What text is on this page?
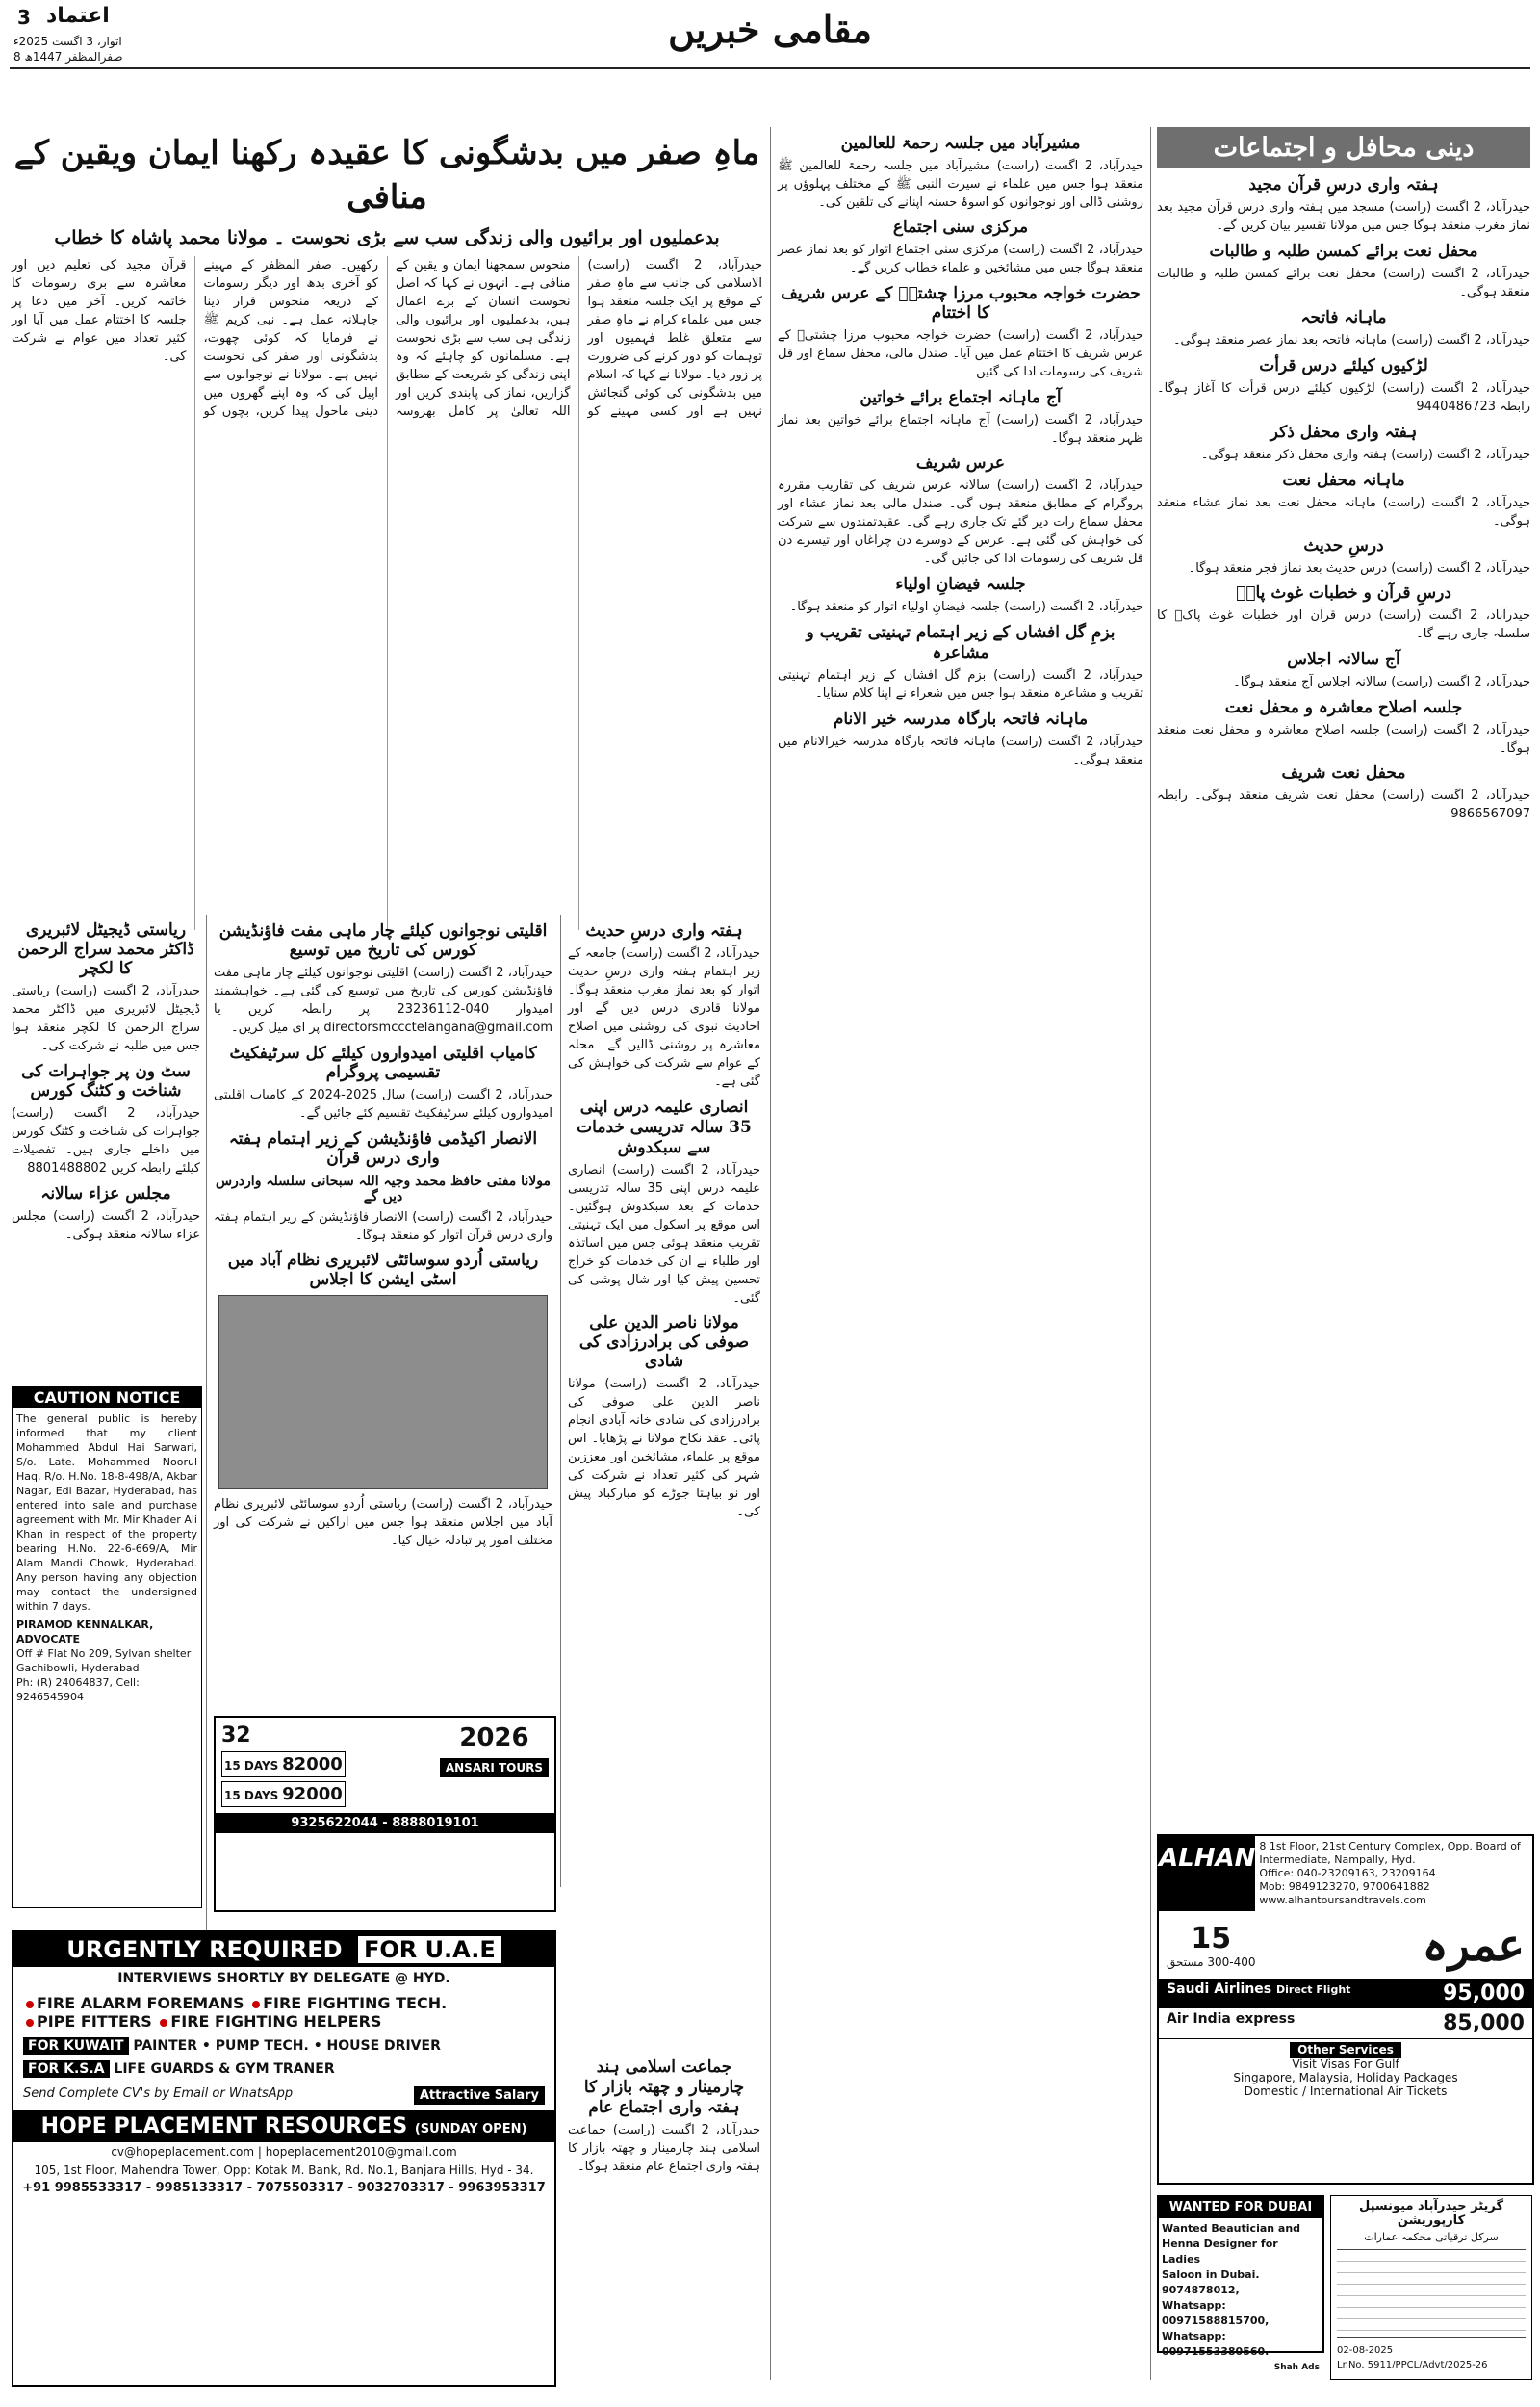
3 اعتماد
اتوار، 3 اگست 2025ء
8 صفرالمظفر 1447ھ
مقامی خبریں
دینی محافل و اجتماعات
ہفتہ واری درسِ قرآن مجید
حیدرآباد، 2 اگست (راست) مسجد میں ہفتہ واری درس قرآن مجید بعد نماز مغرب منعقد ہوگا جس میں مولانا تفسیر بیان کریں گے۔
محفل نعت برائے کمسن طلبہ و طالبات
حیدرآباد، 2 اگست (راست) محفل نعت برائے کمسن طلبہ و طالبات منعقد ہوگی۔
ماہانہ فاتحہ
حیدرآباد، 2 اگست (راست) ماہانہ فاتحہ بعد نماز عصر منعقد ہوگی۔
لڑکیوں کیلئے درس قرأت
حیدرآباد، 2 اگست (راست) لڑکیوں کیلئے درس قرأت کا آغاز ہوگا۔ رابطہ 9440486723
ہفتہ واری محفل ذکر
حیدرآباد، 2 اگست (راست) ہفتہ واری محفل ذکر منعقد ہوگی۔
ماہانہ محفل نعت
حیدرآباد، 2 اگست (راست) ماہانہ محفل نعت بعد نماز عشاء منعقد ہوگی۔
درسِ حدیث
حیدرآباد، 2 اگست (راست) درس حدیث بعد نماز فجر منعقد ہوگا۔
درسِ قرآن و خطبات غوث پاکؒ
حیدرآباد، 2 اگست (راست) درس قرآن اور خطبات غوث پاکؒ کا سلسلہ جاری رہے گا۔
آج سالانہ اجلاس
حیدرآباد، 2 اگست (راست) سالانہ اجلاس آج منعقد ہوگا۔
جلسہ اصلاح معاشرہ و محفل نعت
حیدرآباد، 2 اگست (راست) جلسہ اصلاح معاشرہ و محفل نعت منعقد ہوگا۔
محفل نعت شریف
حیدرآباد، 2 اگست (راست) محفل نعت شریف منعقد ہوگی۔ رابطہ 9866567097
مشیرآباد میں جلسہ رحمۃ للعالمین
حیدرآباد، 2 اگست (راست) مشیرآباد میں جلسہ رحمۃ للعالمین ﷺ منعقد ہوا جس میں علماء نے سیرت النبی ﷺ کے مختلف پہلوؤں پر روشنی ڈالی اور نوجوانوں کو اسوۂ حسنہ اپنانے کی تلقین کی۔
مرکزی سنی اجتماع
حیدرآباد، 2 اگست (راست) مرکزی سنی اجتماع اتوار کو بعد نماز عصر منعقد ہوگا جس میں مشائخین و علماء خطاب کریں گے۔
حضرت خواجہ محبوب مرزا چشتیؒ کے عرس شریف کا اختتام
حیدرآباد، 2 اگست (راست) حضرت خواجہ محبوب مرزا چشتیؒ کے عرس شریف کا اختتام عمل میں آیا۔ صندل مالی، محفل سماع اور قل شریف کی رسومات ادا کی گئیں۔
آج ماہانہ اجتماع برائے خواتین
حیدرآباد، 2 اگست (راست) آج ماہانہ اجتماع برائے خواتین بعد نماز ظہر منعقد ہوگا۔
عرس شریف
حیدرآباد، 2 اگست (راست) سالانہ عرس شریف کی تقاریب مقررہ پروگرام کے مطابق منعقد ہوں گی۔ صندل مالی بعد نماز عشاء اور محفل سماع رات دیر گئے تک جاری رہے گی۔ عقیدتمندوں سے شرکت کی خواہش کی گئی ہے۔ عرس کے دوسرے دن چراغاں اور تیسرے دن قل شریف کی رسومات ادا کی جائیں گی۔
جلسہ فیضانِ اولیاء
حیدرآباد، 2 اگست (راست) جلسہ فیضانِ اولیاء اتوار کو منعقد ہوگا۔
بزمِ گل افشاں کے زیر اہتمام تہنیتی تقریب و مشاعرہ
حیدرآباد، 2 اگست (راست) بزم گل افشاں کے زیر اہتمام تہنیتی تقریب و مشاعرہ منعقد ہوا جس میں شعراء نے اپنا کلام سنایا۔
ماہانہ فاتحہ بارگاہ مدرسہ خیر الانام
حیدرآباد، 2 اگست (راست) ماہانہ فاتحہ بارگاہ مدرسہ خیرالانام میں منعقد ہوگی۔
ماہِ صفر میں بدشگونی کا عقیدہ رکھنا ایمان ویقین کے منافی
بدعملیوں اور برائیوں والی زندگی سب سے بڑی نحوست ۔ مولانا محمد پاشاہ کا خطاب
حیدرآباد، 2 اگست (راست) الاسلامی کی جانب سے ماہِ صفر کے موقع پر ایک جلسہ منعقد ہوا جس میں علماء کرام نے ماہِ صفر سے متعلق غلط فہمیوں اور توہمات کو دور کرنے کی ضرورت پر زور دیا۔ مولانا نے کہا کہ اسلام میں بدشگونی کی کوئی گنجائش نہیں ہے اور کسی مہینے کو منحوس سمجھنا ایمان و یقین کے منافی ہے۔ انہوں نے کہا کہ اصل نحوست انسان کے برے اعمال ہیں، بدعملیوں اور برائیوں والی زندگی ہی سب سے بڑی نحوست ہے۔ مسلمانوں کو چاہئے کہ وہ اپنی زندگی کو شریعت کے مطابق گزاریں، نماز کی پابندی کریں اور اللہ تعالیٰ پر کامل بھروسہ رکھیں۔ صفر المظفر کے مہینے کو آخری بدھ اور دیگر رسومات کے ذریعہ منحوس قرار دینا جاہلانہ عمل ہے۔ نبی کریم ﷺ نے فرمایا کہ کوئی چھوت، بدشگونی اور صفر کی نحوست نہیں ہے۔ مولانا نے نوجوانوں سے اپیل کی کہ وہ اپنے گھروں میں دینی ماحول پیدا کریں، بچوں کو قرآن مجید کی تعلیم دیں اور معاشرہ سے بری رسومات کا خاتمہ کریں۔ آخر میں دعا پر جلسہ کا اختتام عمل میں آیا اور کثیر تعداد میں عوام نے شرکت کی۔
ہفتہ واری درسِ حدیث
حیدرآباد، 2 اگست (راست) جامعہ کے زیر اہتمام ہفتہ واری درسِ حدیث اتوار کو بعد نماز مغرب منعقد ہوگا۔ مولانا قادری درس دیں گے اور احادیث نبوی کی روشنی میں اصلاح معاشرہ پر روشنی ڈالیں گے۔ محلہ کے عوام سے شرکت کی خواہش کی گئی ہے۔
انصاری علیمہ درس اپنی 35 سالہ تدریسی خدمات سے سبکدوش
حیدرآباد، 2 اگست (راست) انصاری علیمہ درس اپنی 35 سالہ تدریسی خدمات کے بعد سبکدوش ہوگئیں۔ اس موقع پر اسکول میں ایک تہنیتی تقریب منعقد ہوئی جس میں اساتذہ اور طلباء نے ان کی خدمات کو خراج تحسین پیش کیا اور شال پوشی کی گئی۔
مولانا ناصر الدین علی صوفی کی برادرزادی کی شادی
حیدرآباد، 2 اگست (راست) مولانا ناصر الدین علی صوفی کی برادرزادی کی شادی خانہ آبادی انجام پائی۔ عقد نکاح مولانا نے پڑھایا۔ اس موقع پر علماء، مشائخین اور معززین شہر کی کثیر تعداد نے شرکت کی اور نو بیاہتا جوڑے کو مبارکباد پیش کی۔
اقلیتی نوجوانوں کیلئے چار ماہی مفت فاؤنڈیشن کورس کی تاریخ میں توسیع
حیدرآباد، 2 اگست (راست) اقلیتی نوجوانوں کیلئے چار ماہی مفت فاؤنڈیشن کورس کی تاریخ میں توسیع کی گئی ہے۔ خواہشمند امیدوار 040-23236112 پر رابطہ کریں یا directorsmccctelangana@gmail.com پر ای میل کریں۔
کامیاب اقلیتی امیدواروں کیلئے کل سرٹیفکیٹ تقسیمی پروگرام
حیدرآباد، 2 اگست (راست) سال 2025-2024 کے کامیاب اقلیتی امیدواروں کیلئے سرٹیفکیٹ تقسیم کئے جائیں گے۔
الانصار اکیڈمی فاؤنڈیشن کے زیر اہتمام ہفتہ واری درس قرآن
مولانا مفتی حافظ محمد وجیہ اللہ سبحانی سلسلہ واردرس دیں گے
حیدرآباد، 2 اگست (راست) الانصار فاؤنڈیشن کے زیر اہتمام ہفتہ واری درس قرآن اتوار کو منعقد ہوگا۔
ریاستی اُردو سوسائٹی لائبریری نظام آباد میں اسٹی ایشن کا اجلاس
حیدرآباد، 2 اگست (راست) ریاستی اُردو سوسائٹی لائبریری نظام آباد میں اجلاس منعقد ہوا جس میں اراکین نے شرکت کی اور مختلف امور پر تبادلہ خیال کیا۔
ریاستی ڈیجیٹل لائبریری ڈاکٹر محمد سراج الرحمن کا لکچر
حیدرآباد، 2 اگست (راست) ریاستی ڈیجیٹل لائبریری میں ڈاکٹر محمد سراج الرحمن کا لکچر منعقد ہوا جس میں طلبہ نے شرکت کی۔
سٹ ون پر جواہرات کی شناخت و کٹنگ کورس
حیدرآباد، 2 اگست (راست) جواہرات کی شناخت و کٹنگ کورس میں داخلے جاری ہیں۔ تفصیلات کیلئے رابطہ کریں 8801488802
مجلس عزاء سالانہ
حیدرآباد، 2 اگست (راست) مجلس عزاء سالانہ منعقد ہوگی۔
CAUTION NOTICE
The general public is hereby informed that my client Mohammed Abdul Hai Sarwari, S/o. Late. Mohammed Noorul Haq, R/o. H.No. 18-8-498/A, Akbar Nagar, Edi Bazar, Hyderabad, has entered into sale and purchase agreement with Mr. Mir Khader Ali Khan in respect of the property bearing H.No. 22-6-669/A, Mir Alam Mandi Chowk, Hyderabad. Any person having any objection may contact the undersigned within 7 days.
PIRAMOD KENNALKAR, ADVOCATE
Off # Flat No 209, Sylvan shelter Gachibowli, Hyderabad
Ph: (R) 24064837, Cell: 9246545904
32
15 DAYS 82000
15 DAYS 92000
2026
ANSARI TOURS
9325622044 - 8888019101
URGENTLY REQUIRED FOR U.A.E
INTERVIEWS SHORTLY BY DELEGATE @ HYD.
FIRE ALARM FOREMANS FIRE FIGHTING TECH.
PIPE FITTERS FIRE FIGHTING HELPERS
FOR KUWAIT PAINTER • PUMP TECH. • HOUSE DRIVER
FOR K.S.A LIFE GUARDS & GYM TRANER
Send Complete CV's by Email or WhatsApp	Attractive Salary
HOPE PLACEMENT RESOURCES (SUNDAY OPEN)
cv@hopeplacement.com | hopeplacement2010@gmail.com
105, 1st Floor, Mahendra Tower, Opp: Kotak M. Bank, Rd. No.1, Banjara Hills, Hyd - 34.
+91 9985533317 - 9985133317 - 7075503317 - 9032703317 - 9963953317
جماعت اسلامی ہند چارمینار و چھتہ بازار کا ہفتہ واری اجتماع عام
حیدرآباد، 2 اگست (راست) جماعت اسلامی ہند چارمینار و چھتہ بازار کا ہفتہ واری اجتماع عام منعقد ہوگا۔
ALHAN 8 1st Floor, 21st Century Complex, Opp. Board of Intermediate, Nampally, Hyd.
Office: 040-23209163, 23209164
Mob: 9849123270, 9700641882
www.alhantoursandtravels.com
عمرہ
15
300-400 مستحق
Saudi Airlines Direct Flight	95,000
Air India express	85,000
Other Services
Visit Visas For Gulf
Singapore, Malaysia, Holiday Packages
Domestic / International Air Tickets
WANTED FOR DUBAI
Wanted Beautician and
Henna Designer for Ladies
Saloon in Dubai. 9074878012,
Whatsapp: 00971588815700,
Whatsapp: 00971553380560.
Shah Ads
گریٹر حیدرآباد میونسپل کارپوریشن
سرکل ترقیاتی محکمہ عمارات
02-08-2025
Lr.No. 5911/PPCL/Advt/2025-26
